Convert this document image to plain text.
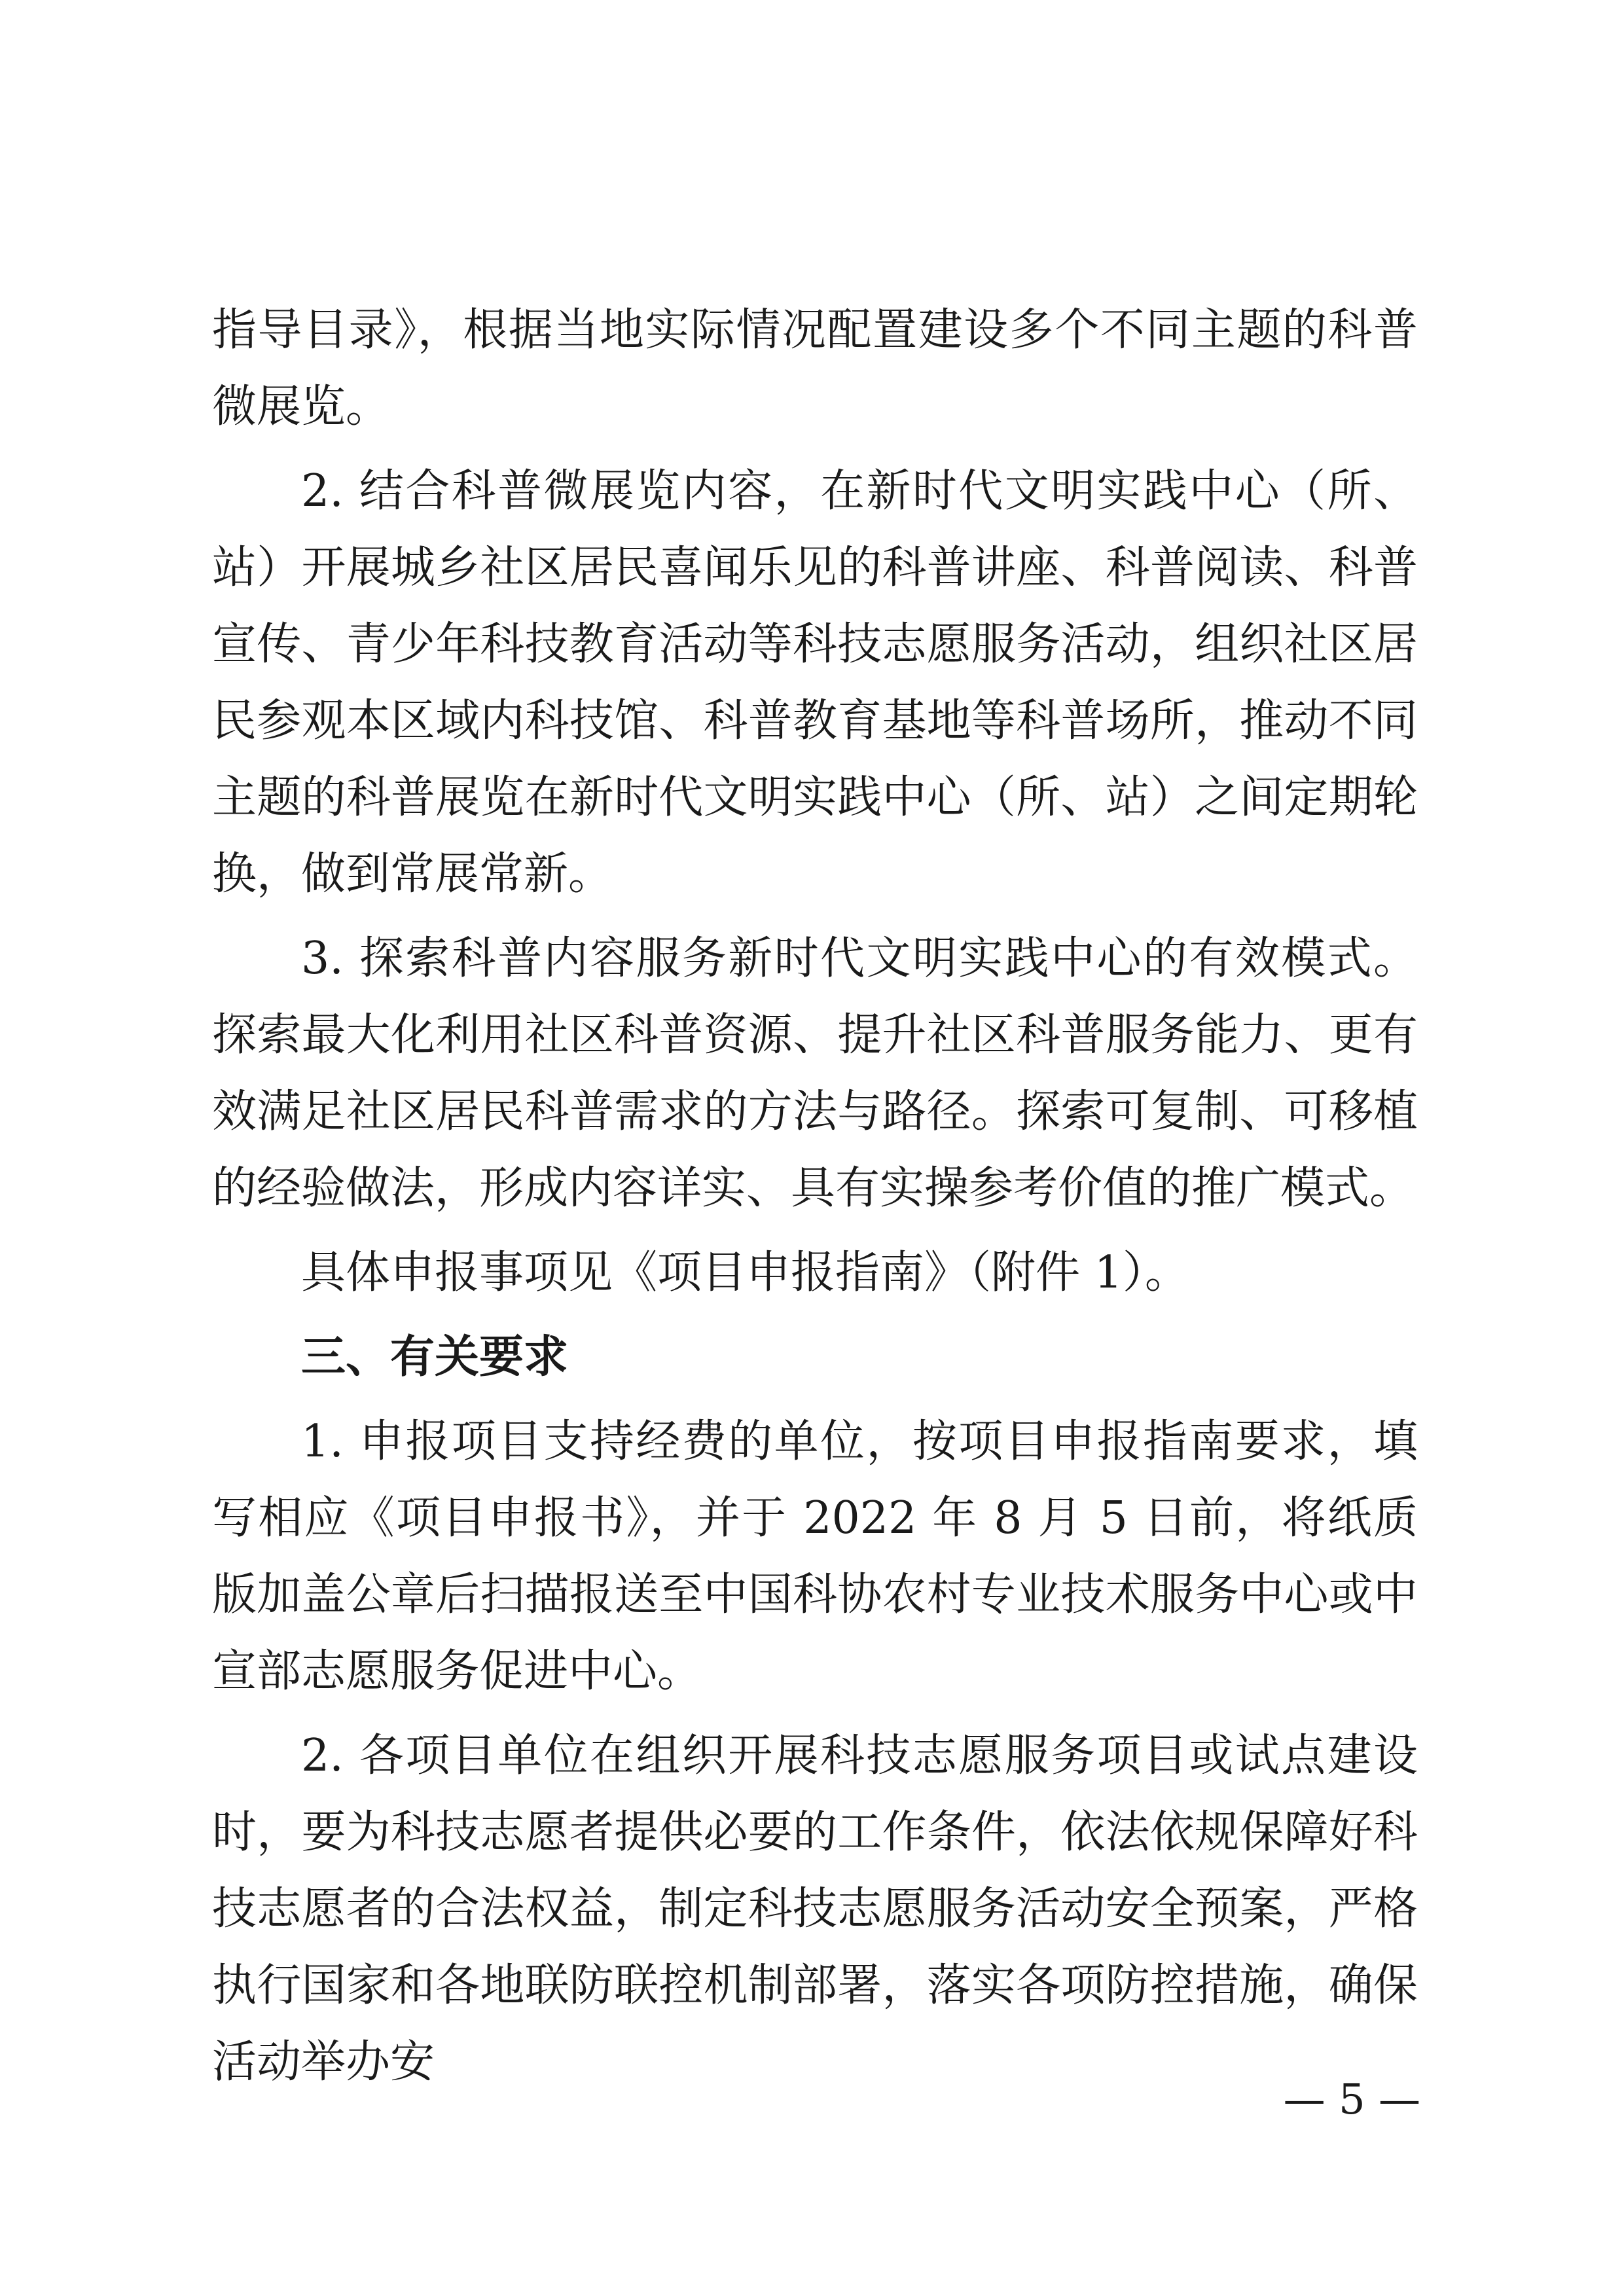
指导目录》，根据当地实际情况配置建设多个不同主题的科普微展览。

2. 结合科普微展览内容，在新时代文明实践中心（所、站）开展城乡社区居民喜闻乐见的科普讲座、科普阅读、科普宣传、青少年科技教育活动等科技志愿服务活动，组织社区居民参观本区域内科技馆、科普教育基地等科普场所，推动不同主题的科普展览在新时代文明实践中心（所、站）之间定期轮换，做到常展常新。

3. 探索科普内容服务新时代文明实践中心的有效模式。探索最大化利用社区科普资源、提升社区科普服务能力、更有效满足社区居民科普需求的方法与路径。探索可复制、可移植的经验做法，形成内容详实、具有实操参考价值的推广模式。

具体申报事项见《项目申报指南》（附件 1）。

三、有关要求

1. 申报项目支持经费的单位，按项目申报指南要求，填写相应《项目申报书》，并于 2022 年 8 月 5 日前，将纸质版加盖公章后扫描报送至中国科协农村专业技术服务中心或中宣部志愿服务促进中心。

2. 各项目单位在组织开展科技志愿服务项目或试点建设时，要为科技志愿者提供必要的工作条件，依法依规保障好科技志愿者的合法权益，制定科技志愿服务活动安全预案，严格执行国家和各地联防联控机制部署，落实各项防控措施，确保活动举办安

— 5 —
